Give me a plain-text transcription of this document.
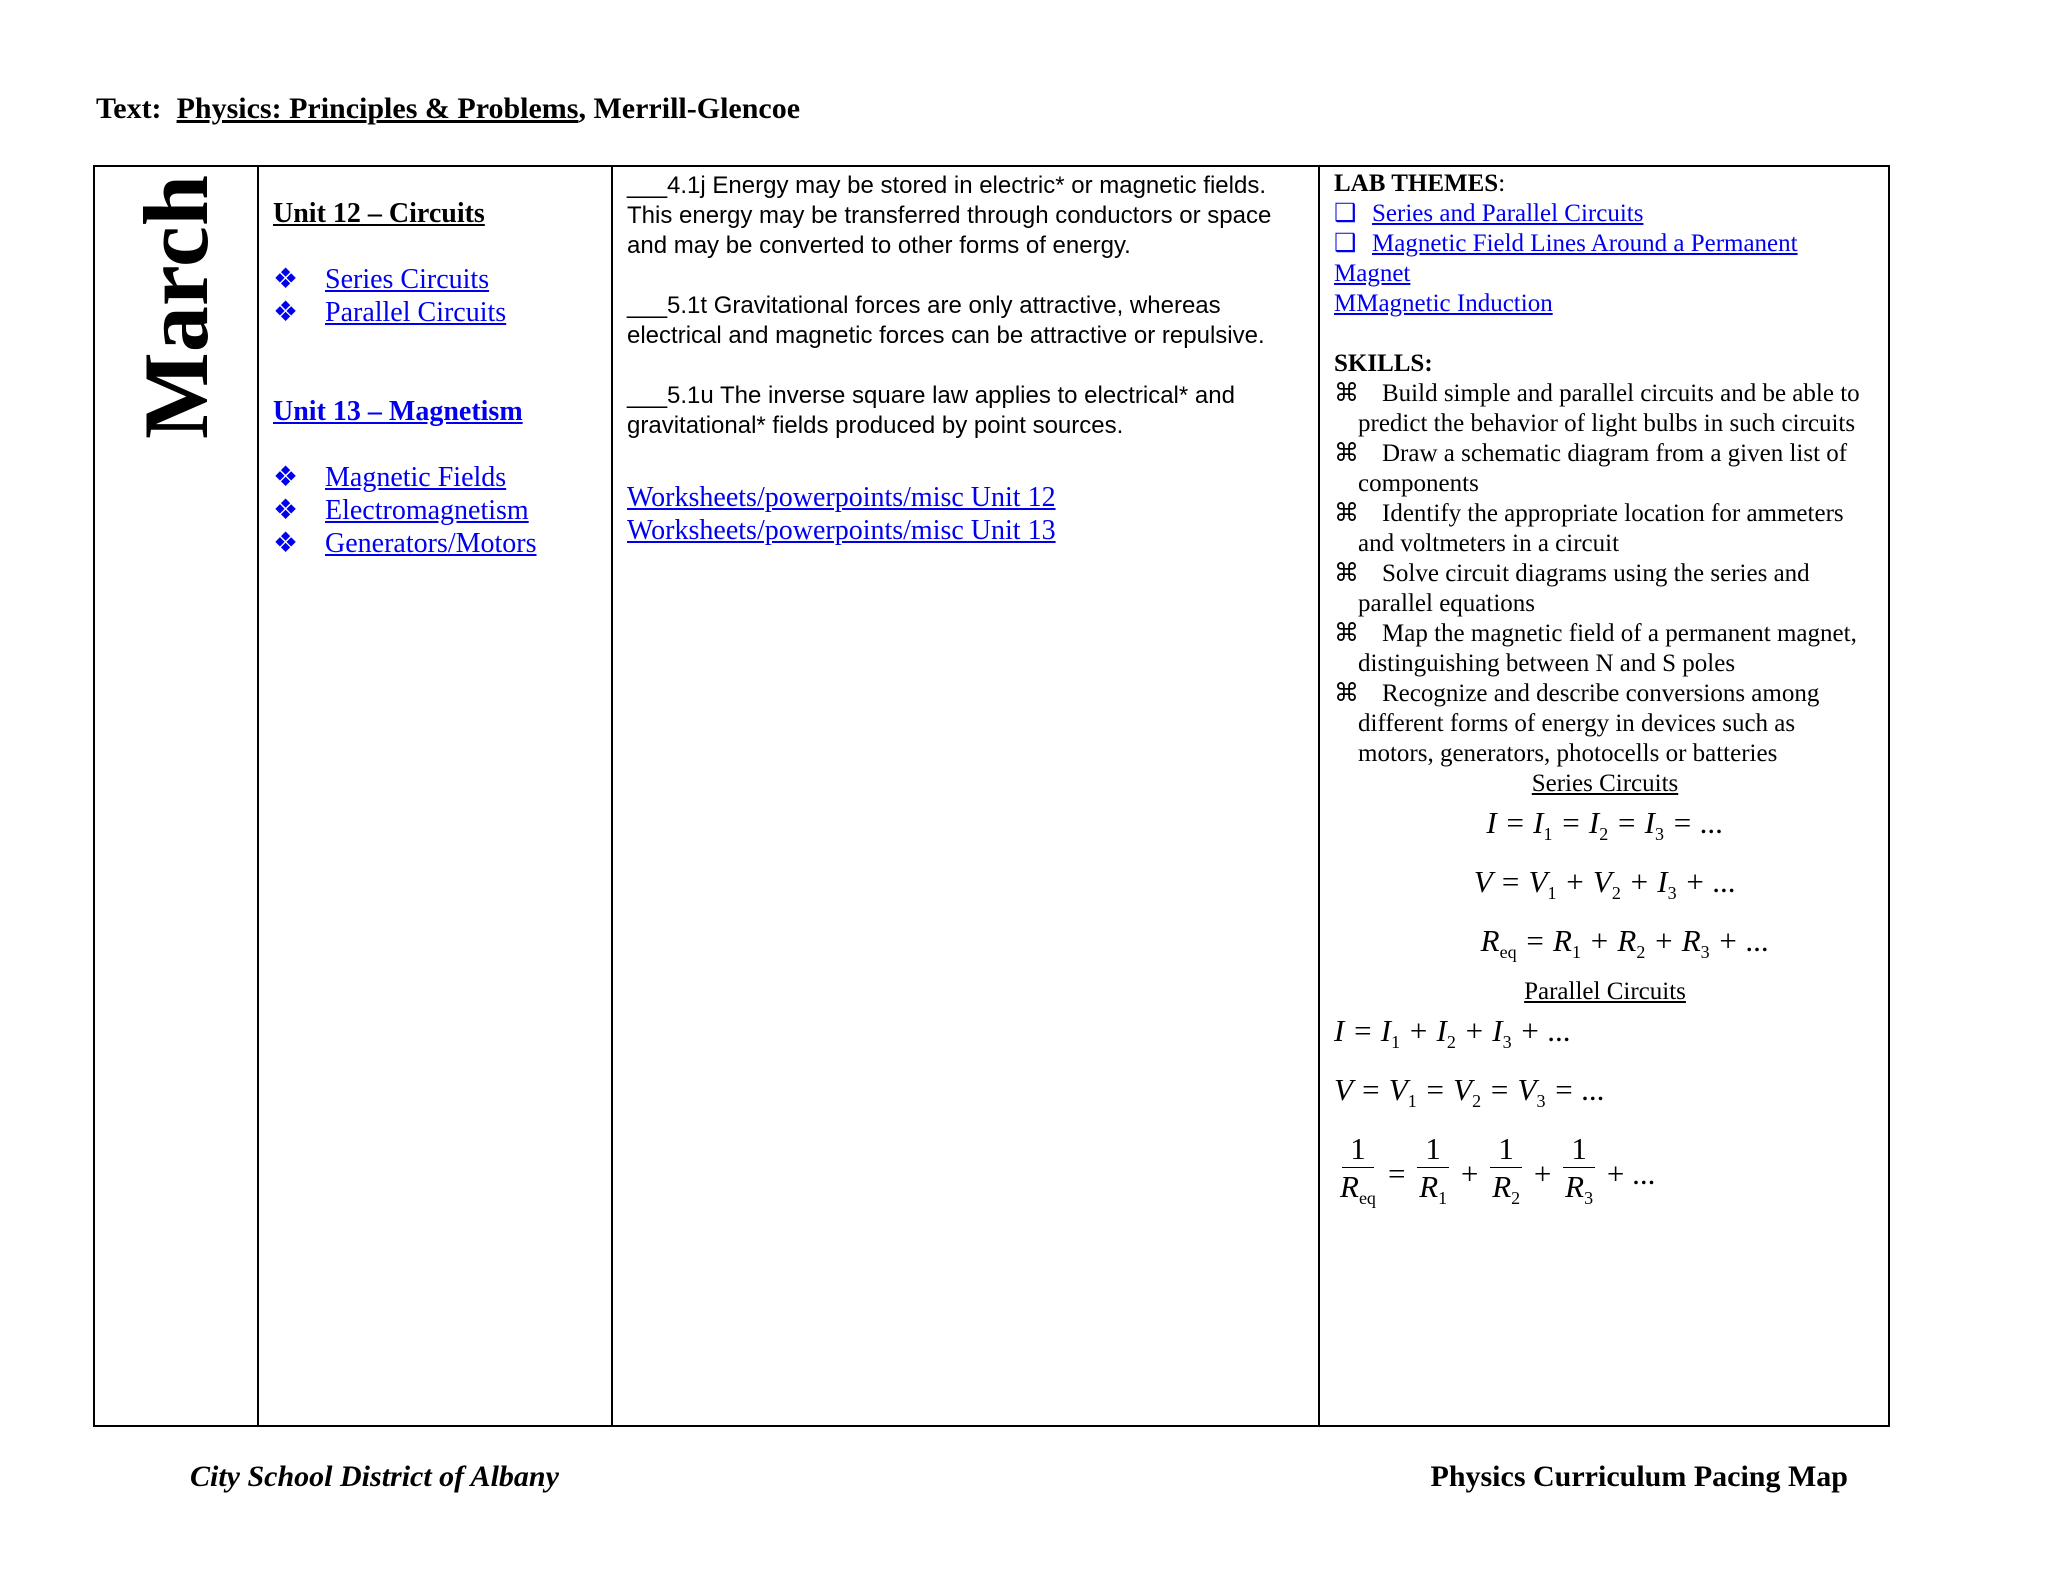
Text: Physics: Principles & Problems, Merrill-Glencoe
March	Unit 12 – Circuits
❖ Series Circuits
❖ Parallel Circuits
Unit 13 – Magnetism
❖ Magnetic Fields
❖ Electromagnetism
❖ Generators/Motors

___4.1j Energy may be stored in electric* or magnetic fields. This energy may be transferred through conductors or space and may be converted to other forms of energy.

___5.1t Gravitational forces are only attractive, whereas electrical and magnetic forces can be attractive or repulsive.

___5.1u The inverse square law applies to electrical* and gravitational* fields produced by point sources.

Worksheets/powerpoints/misc Unit 12
Worksheets/powerpoints/misc Unit 13

LAB THEMES:
❑ Series and Parallel Circuits
❑ Magnetic Field Lines Around a Permanent Magnet
MMagnetic Induction
SKILLS:
⌘ Build simple and parallel circuits and be able to predict the behavior of light bulbs in such circuits
⌘ Draw a schematic diagram from a given list of components
⌘ Identify the appropriate location for ammeters and voltmeters in a circuit
⌘ Solve circuit diagrams using the series and parallel equations
⌘ Map the magnetic field of a permanent magnet, distinguishing between N and S poles
⌘ Recognize and describe conversions among different forms of energy in devices such as motors, generators, photocells or batteries
Series Circuits
$I = I_1 = I_2 = I_3$ = ...
$V = V_1 + V_2 + I_3$ + ...
$R_{eq} = R_1 + R_2 + R_3$ + ...
Parallel Circuits
$I = I_1 + I_2 + I_3$ + ...
$V = V_1 = V_2 = V_3$ = ...
$\frac{1}{R_{eq}} = \frac{1}{R_1} + \frac{1}{R_2} + \frac{1}{R_3}$ + ...
City School District of Albany	Physics Curriculum Pacing Map
